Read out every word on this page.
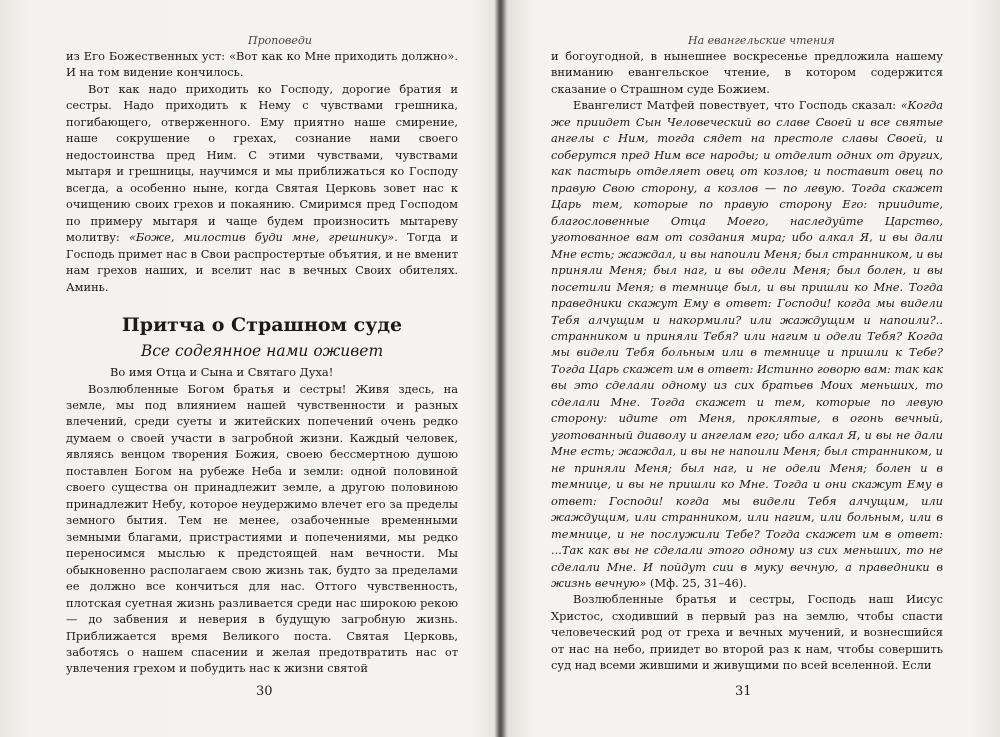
Проповеди

из Его Божественных уст: «Вот как ко Мне приходить должно». И на том видение кончилось.

Вот как надо приходить ко Господу, дорогие братия и сестры. Надо приходить к Нему с чувствами грешника, погибающего, отверженного. Ему приятно наше смирение, наше сокрушение о грехах, сознание нами своего недостоинства пред Ним. С этими чувствами, чувствами мытаря и грешницы, научимся и мы приближаться ко Господу всегда, а особенно ныне, когда Святая Церковь зовет нас к очищению своих грехов и покаянию. Смиримся пред Господом по примеру мытаря и чаще будем произносить мытареву молитву: «Боже, милостив буди мне, грешнику». Тогда и Господь примет нас в Свои распростертые объятия, и не вменит нам грехов наших, и вселит нас в вечных Своих обителях. Аминь.

Притча о Страшном суде
Все содеянное нами оживет

Во имя Отца и Сына и Святаго Духа!

Возлюбленные Богом братья и сестры! Живя здесь, на земле, мы под влиянием нашей чувственности и разных влечений, среди суеты и житейских попечений очень редко думаем о своей участи в загробной жизни. Каждый человек, являясь венцом творения Божия, своею бессмертною душою поставлен Богом на рубеже Неба и земли: одной половиной своего существа он принадлежит земле, а другою половиною принадлежит Небу, которое неудержимо влечет его за пределы земного бытия. Тем не менее, озабоченные временными земными благами, пристрастиями и попечениями, мы редко переносимся мыслью к предстоящей нам вечности. Мы обыкновенно располагаем свою жизнь так, будто за пределами ее должно все кончиться для нас. Оттого чувственность, плотская суетная жизнь разливается среди нас широкою рекою — до забвения и неверия в будущую загробную жизнь. Приближается время Великого поста. Святая Церковь, заботясь о нашем спасении и желая предотвратить нас от увлечения грехом и побудить нас к жизни святой

30
На евангельские чтения

и богоугодной, в нынешнее воскресенье предложила нашему вниманию евангельское чтение, в котором содержится сказание о Страшном суде Божием.

Евангелист Матфей повествует, что Господь сказал: «Когда же приидет Сын Человеческий во славе Своей и все святые ангелы с Ним, тогда сядет на престоле славы Своей, и соберутся пред Ним все народы; и отделит одних от других, как пастырь отделяет овец от козлов; и поставит овец по правую Свою сторону, а козлов — по левую. Тогда скажет Царь тем, которые по правую сторону Его: приидите, благословенные Отца Моего, наследуйте Царство, уготованное вам от создания мира; ибо алкал Я, и вы дали Мне есть; жаждал, и вы напоили Меня; был странником, и вы приняли Меня; был наг, и вы одели Меня; был болен, и вы посетили Меня; в темнице был, и вы пришли ко Мне. Тогда праведники скажут Ему в ответ: Господи! когда мы видели Тебя алчущим и накормили? или жаждущим и напоили?.. странником и приняли Тебя? или нагим и одели Тебя? Когда мы видели Тебя больным или в темнице и пришли к Тебе? Тогда Царь скажет им в ответ: Истинно говорю вам: так как вы это сделали одному из сих братьев Моих меньших, то сделали Мне. Тогда скажет и тем, которые по левую сторону: идите от Меня, проклятые, в огонь вечный, уготованный диаволу и ангелам его; ибо алкал Я, и вы не дали Мне есть; жаждал, и вы не напоили Меня; был странником, и не приняли Меня; был наг, и не одели Меня; болен и в темнице, и вы не пришли ко Мне. Тогда и они скажут Ему в ответ: Господи! когда мы видели Тебя алчущим, или жаждущим, или странником, или нагим, или больным, или в темнице, и не послужили Тебе? Тогда скажет им в ответ: ...Так как вы не сделали этого одному из сих меньших, то не сделали Мне. И пойдут сии в муку вечную, а праведники в жизнь вечную» (Мф. 25, 31–46).

Возлюбленные братья и сестры, Господь наш Иисус Христос, сходивший в первый раз на землю, чтобы спасти человеческий род от греха и вечных мучений, и вознесшийся от нас на небо, приидет во второй раз к нам, чтобы совершить суд над всеми жившими и живущими по всей вселенной. Если

31
